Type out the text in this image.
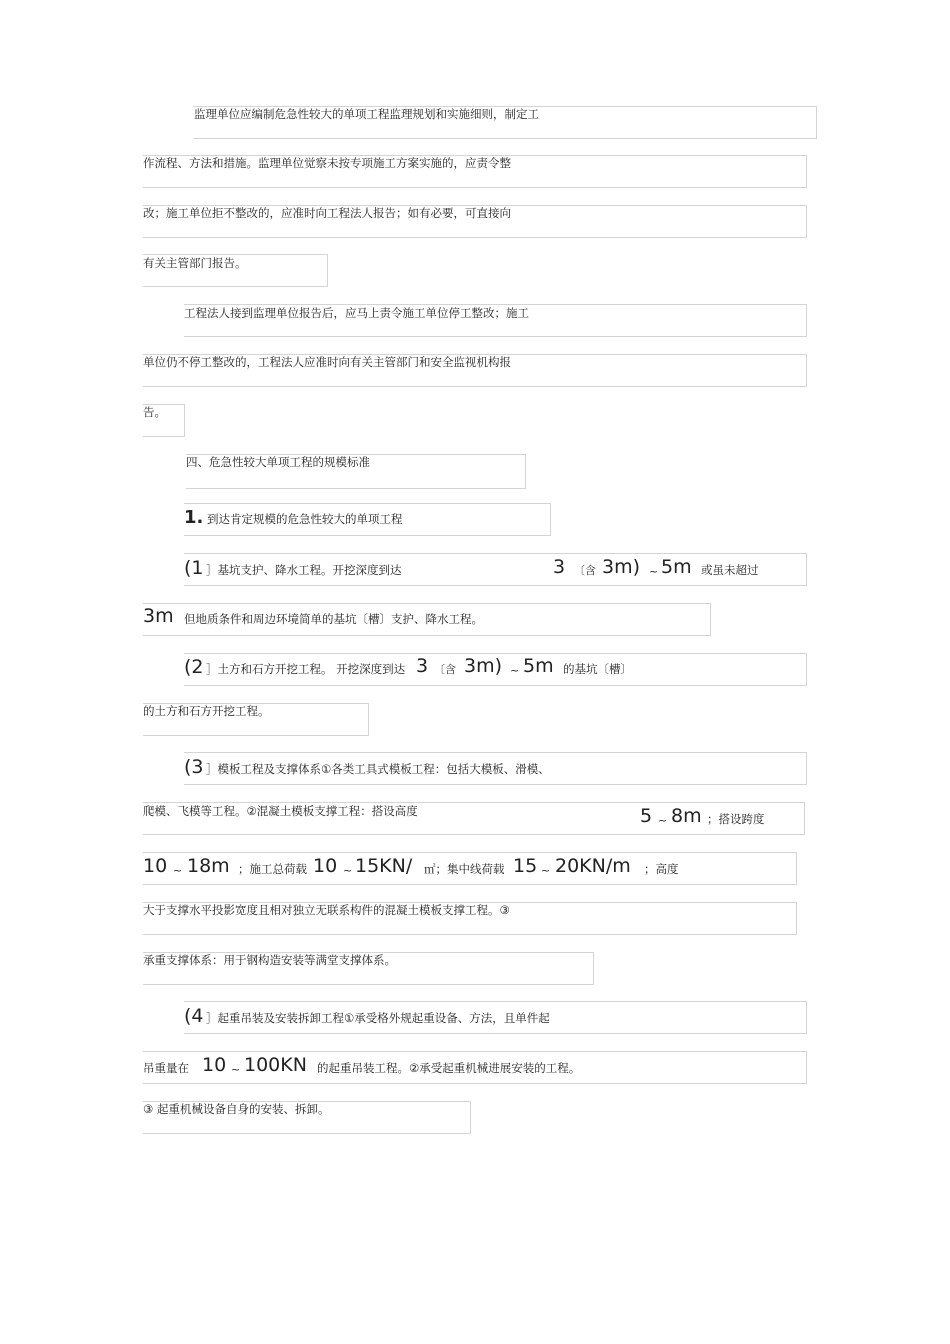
监理单位应编制危急性较大的单项工程监理规划和实施细则，制定工
作流程、方法和措施。监理单位觉察未按专项施工方案实施的，应责令整
改；施工单位拒不整改的，应准时向工程法人报告；如有必要，可直接向
有关主管部门报告。
工程法人接到监理单位报告后，应马上责令施工单位停工整改；施工
单位仍不停工整改的，工程法人应准时向有关主管部门和安全监视机构报
告。
四、危急性较大单项工程的规模标准
1. 到达肯定规模的危急性较大的单项工程
(1 ］基坑支护、降水工程。开挖深度到达	3 〔含 3m) ~ 5m 或虽未超过
3m 但地质条件和周边环境简单的基坑〔槽〕支护、降水工程。
(2 ］土方和石方开挖工程。 开挖深度到达 3 〔含 3m) ~ 5m 的基坑〔槽〕
的土方和石方开挖工程。
(3 ］模板工程及支撑体系①各类工具式模板工程：包括大模板、滑模、
爬模、飞模等工程。②混凝土模板支撑工程：搭设高度	5 ~ 8m ；搭设跨度
10 ~ 18m ；施工总荷载 10 ~ 15KN/ ㎡；集中线荷载 15 ~ 20KN/m ；高度
大于支撑水平投影宽度且相对独立无联系构件的混凝土模板支撑工程。③
承重支撑体系：用于钢构造安装等满堂支撑体系。
(4 ］起重吊装及安装拆卸工程①承受格外规起重设备、方法，且单件起
吊重量在 10 ~ 100KN 的起重吊装工程。②承受起重机械进展安装的工程。
③ 起重机械设备自身的安装、拆卸。
